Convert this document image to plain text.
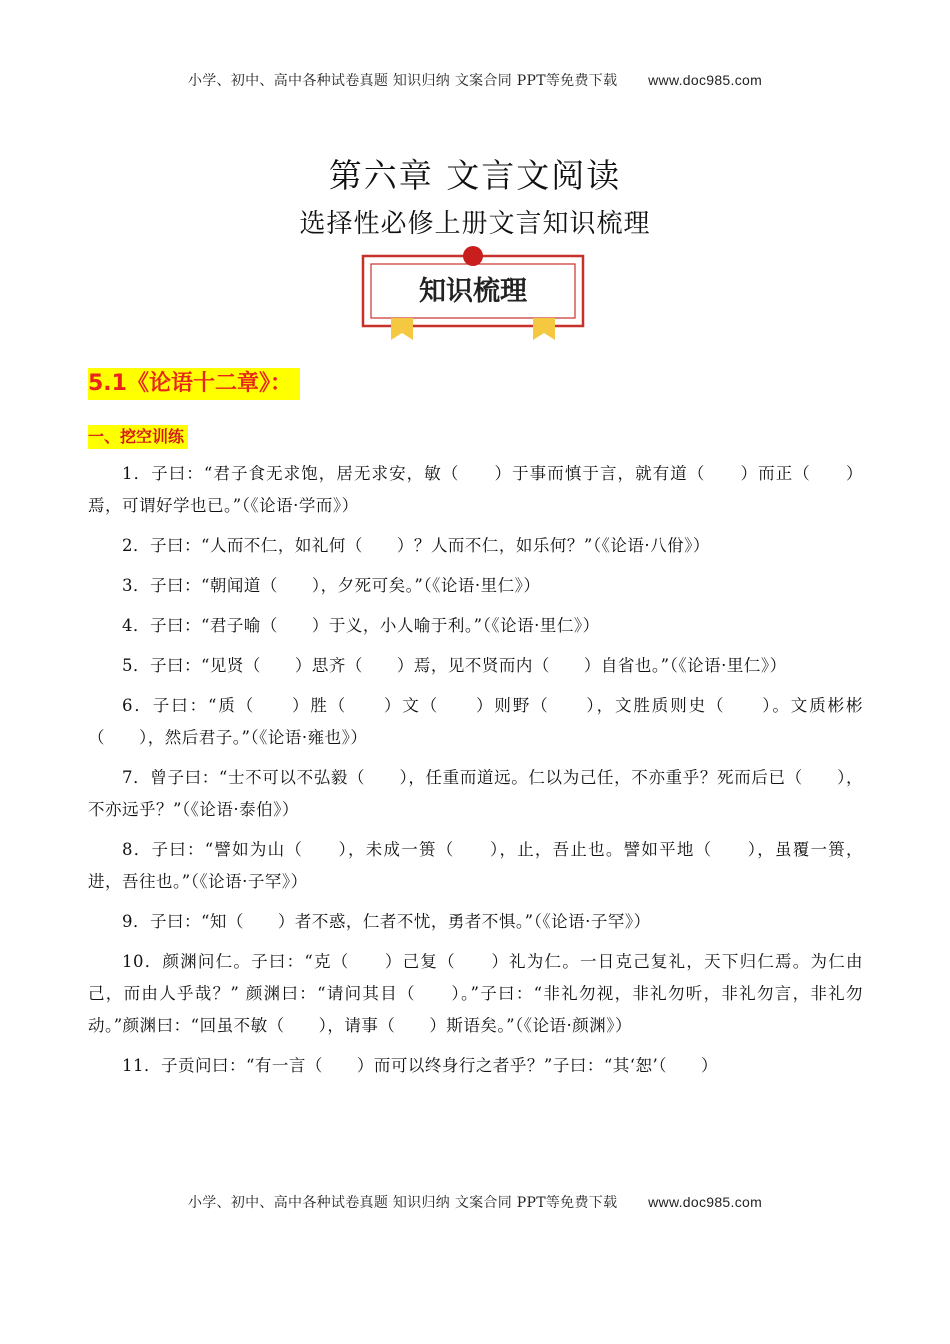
小学、初中、高中各种试卷真题 知识归纳 文案合同 PPT等免费下载 www.doc985.com
第六章 文言文阅读
选择性必修上册文言知识梳理
知识梳理
5.1《论语十二章》：
一、挖空训练

1．子曰：“君子食无求饱，居无求安，敏（　　）于事而慎于言，就有道（　　）而正（　　）焉，可谓好学也已。”（《论语·学而》）

2．子曰：“人而不仁，如礼何（　　）？人而不仁，如乐何？”（《论语·八佾》）

3．子曰：“朝闻道（　　），夕死可矣。”（《论语·里仁》）

4．子曰：“君子喻（　　）于义，小人喻于利。”（《论语·里仁》）

5．子曰：“见贤（　　）思齐（　　）焉，见不贤而内（　　）自省也。”（《论语·里仁》）

6．子曰：“质（　　）胜（　　）文（　　）则野（　　），文胜质则史（　　）。文质彬彬（　　），然后君子。”（《论语·雍也》）

7．曾子曰：“士不可以不弘毅（　　），任重而道远。仁以为己任，不亦重乎？死而后已（　　），不亦远乎？”（《论语·泰伯》）

8．子曰：“譬如为山（　　），未成一篑（　　），止，吾止也。譬如平地（　　），虽覆一篑，进，吾往也。”（《论语·子罕》）

9．子曰：“知（　　）者不惑，仁者不忧，勇者不惧。”（《论语·子罕》）

10．颜渊问仁。子曰：“克（　　）己复（　　）礼为仁。一日克己复礼，天下归仁焉。为仁由己，而由人乎哉？” 颜渊曰：“请问其目（　　）。”子曰：“非礼勿视，非礼勿听，非礼勿言，非礼勿动。”颜渊曰：“回虽不敏（　　），请事（　　）斯语矣。”（《论语·颜渊》）

11．子贡问曰：“有一言（　　）而可以终身行之者乎？”子曰：“其‘恕’（　　）

小学、初中、高中各种试卷真题 知识归纳 文案合同 PPT等免费下载 www.doc985.com
